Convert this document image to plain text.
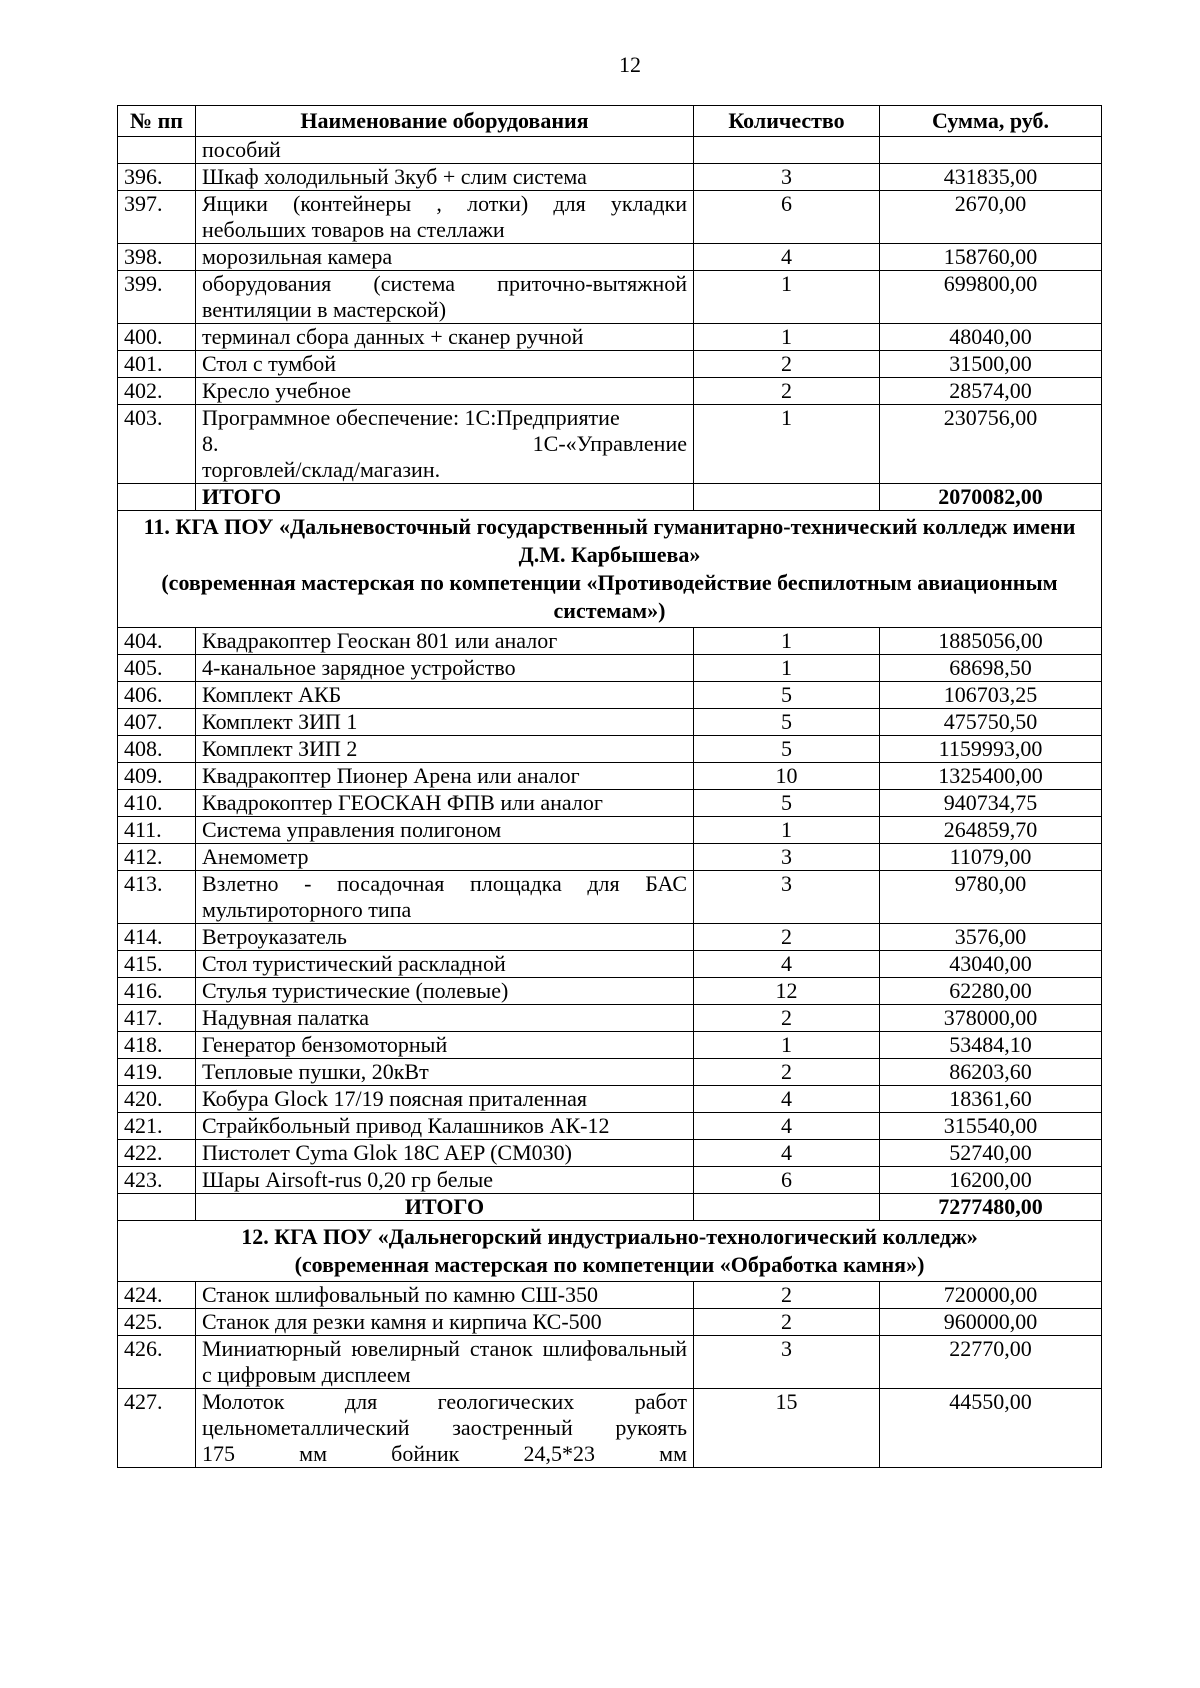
12
№ пп	Наименование оборудования	Количество	Сумма, руб.
	пособий		
396.	Шкаф холодильный 3куб + слим система	3	431835,00
397.	Ящики (контейнеры , лотки) для укладки небольших товаров на стеллажи	6	2670,00
398.	морозильная камера	4	158760,00
399.	оборудования (система приточно-вытяжной вентиляции в мастерской)	1	699800,00
400.	терминал сбора данных + сканер ручной	1	48040,00
401.	Стол с тумбой	2	31500,00
402.	Кресло учебное	2	28574,00
403.	Программное обеспечение: 1С:Предприятие
8. 1С-«Управление
торговлей/склад/магазин.	1	230756,00
	ИТОГО		2070082,00

11. КГА ПОУ «Дальневосточный государственный гуманитарно-технический колледж имени Д.М. Карбышева»
(современная мастерская по компетенции «Противодействие беспилотным авиационным системам»)			

404.	Квадракоптер Геоскан 801 или аналог	1	1885056,00
405.	4-канальное зарядное устройство	1	68698,50
406.	Комплект АКБ	5	106703,25
407.	Комплект ЗИП 1	5	475750,50
408.	Комплект ЗИП 2	5	1159993,00
409.	Квадракоптер Пионер Арена или аналог	10	1325400,00
410.	Квадрокоптер ГЕОСКАН ФПВ или аналог	5	940734,75
411.	Система управления полигоном	1	264859,70
412.	Анемометр	3	11079,00
413.	Взлетно - посадочная площадка для БАС мультироторного типа	3	9780,00
414.	Ветроуказатель	2	3576,00
415.	Стол туристический раскладной	4	43040,00
416.	Стулья туристические (полевые)	12	62280,00
417.	Надувная палатка	2	378000,00
418.	Генератор бензомоторный	1	53484,10
419.	Тепловые пушки, 20кВт	2	86203,60
420.	Кобура Glock 17/19 поясная приталенная	4	18361,60
421.	Страйкбольный привод Калашников АК-12	4	315540,00
422.	Пистолет Cyma Glok 18C AEP (CM030)	4	52740,00
423.	Шары Airsoft-rus 0,20 гр белые	6	16200,00
	ИТОГО		7277480,00

12. КГА ПОУ «Дальнегорский индустриально-технологический колледж»
(современная мастерская по компетенции «Обработка камня»)			

424.	Станок шлифовальный по камню СШ-350	2	720000,00
425.	Станок для резки камня и кирпича КС-500	2	960000,00
426.	Миниатюрный ювелирный станок шлифовальный с цифровым дисплеем	3	22770,00
427.	Молоток для геологических работ
цельнометаллический заостренный рукоять
175 мм бойник 24,5*23 мм	15	44550,00
